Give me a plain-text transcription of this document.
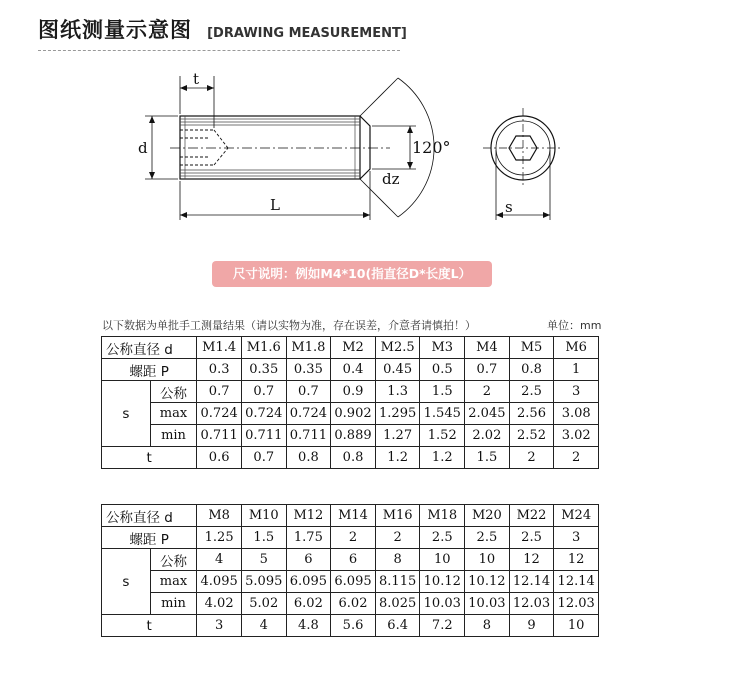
图纸测量示意图 [DRAWING MEASUREMENT]
t
d
L
120°
dz
s
尺寸说明：例如M4*10(指直径D*长度L）
以下数据为单批手工测量结果（请以实物为准，存在误差，介意者请慎拍！）	单位：mm
公称直径 d		M1.4	M1.6	M1.8	M2	M2.5	M3	M4	M5	M6
螺距 P		0.3	0.35	0.35	0.4	0.45	0.5	0.7	0.8	1
s	公称	0.7	0.7	0.7	0.9	1.3	1.5	2	2.5	3
	max	0.724	0.724	0.724	0.902	1.295	1.545	2.045	2.56	3.08
	min	0.711	0.711	0.711	0.889	1.27	1.52	2.02	2.52	3.02
t		0.6	0.7	0.8	0.8	1.2	1.2	1.5	2	2
公称直径 d		M8	M10	M12	M14	M16	M18	M20	M22	M24
螺距 P		1.25	1.5	1.75	2	2	2.5	2.5	2.5	3
s	公称	4	5	6	6	8	10	10	12	12
	max	4.095	5.095	6.095	6.095	8.115	10.12	10.12	12.14	12.14
	min	4.02	5.02	6.02	6.02	8.025	10.03	10.03	12.03	12.03
t		3	4	4.8	5.6	6.4	7.2	8	9	10
